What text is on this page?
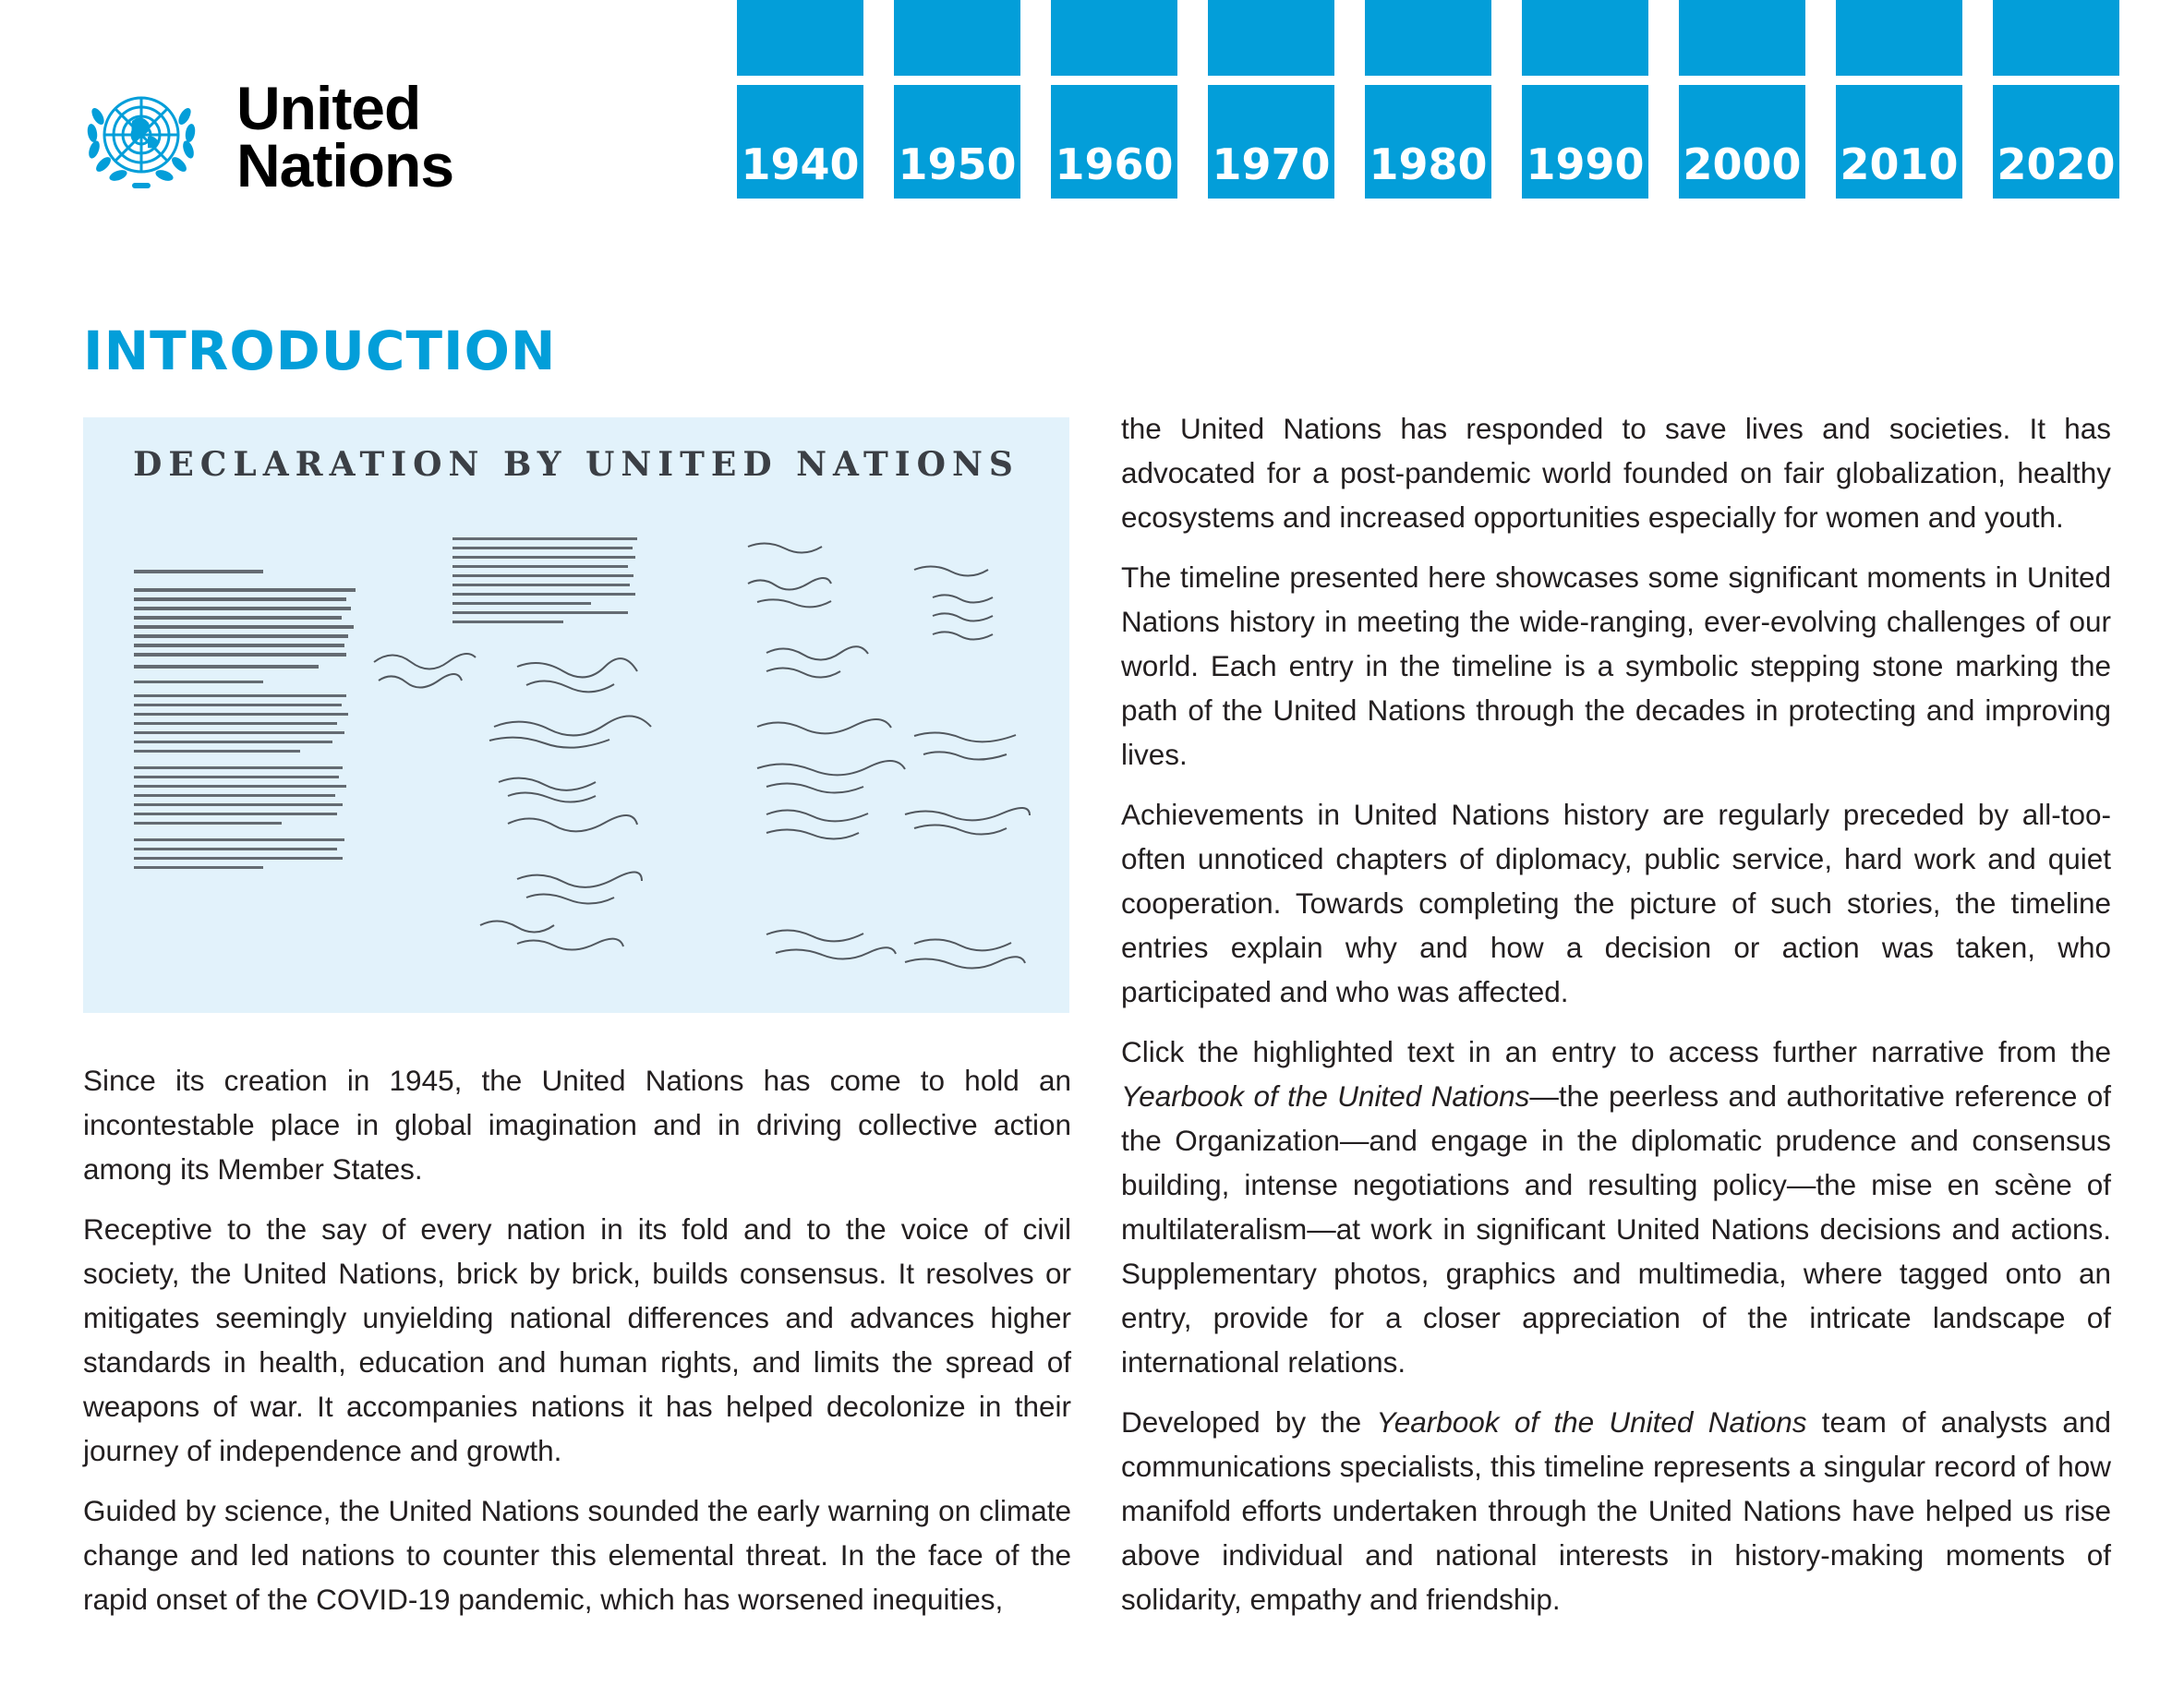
United
Nations	1940 1950 1960 1970 1980 1990 2000 2010 2020
INTRODUCTION
DECLARATION BY UNITED NATIONS

Since its creation in 1945, the United Nations has come to hold an incontestable place in global imagination and in driving collective action among its Member States.

Receptive to the say of every nation in its fold and to the voice of civil society, the United Nations, brick by brick, builds consensus. It resolves or mitigates seemingly unyielding national differences and advances higher standards in health, education and human rights, and limits the spread of weapons of war. It accompanies nations it has helped decolonize in their journey of independence and growth.

Guided by science, the United Nations sounded the early warning on climate change and led nations to counter this elemental threat. In the face of the rapid onset of the COVID-19 pandemic, which has worsened inequities,

the United Nations has responded to save lives and societies. It has advocated for a post-pandemic world founded on fair globalization, healthy ecosystems and increased opportunities especially for women and youth.

The timeline presented here showcases some significant moments in United Nations history in meeting the wide-ranging, ever-evolving challenges of our world. Each entry in the timeline is a symbolic stepping stone marking the path of the United Nations through the decades in protecting and improving lives.

Achievements in United Nations history are regularly preceded by all-too-often unnoticed chapters of diplomacy, public service, hard work and quiet cooperation. Towards completing the picture of such stories, the timeline entries explain why and how a decision or action was taken, who participated and who was affected.

Click the highlighted text in an entry to access further narrative from the Yearbook of the United Nations—the peerless and authoritative reference of the Organization—and engage in the diplomatic prudence and consensus building, intense negotiations and resulting policy—the mise en scène of multilateralism—at work in significant United Nations decisions and actions. Supplementary photos, graphics and multimedia, where tagged onto an entry, provide for a closer appreciation of the intricate landscape of international relations.

Developed by the Yearbook of the United Nations team of analysts and communications specialists, this timeline represents a singular record of how manifold efforts undertaken through the United Nations have helped us rise above individual and national interests in history-making moments of solidarity, empathy and friendship.
